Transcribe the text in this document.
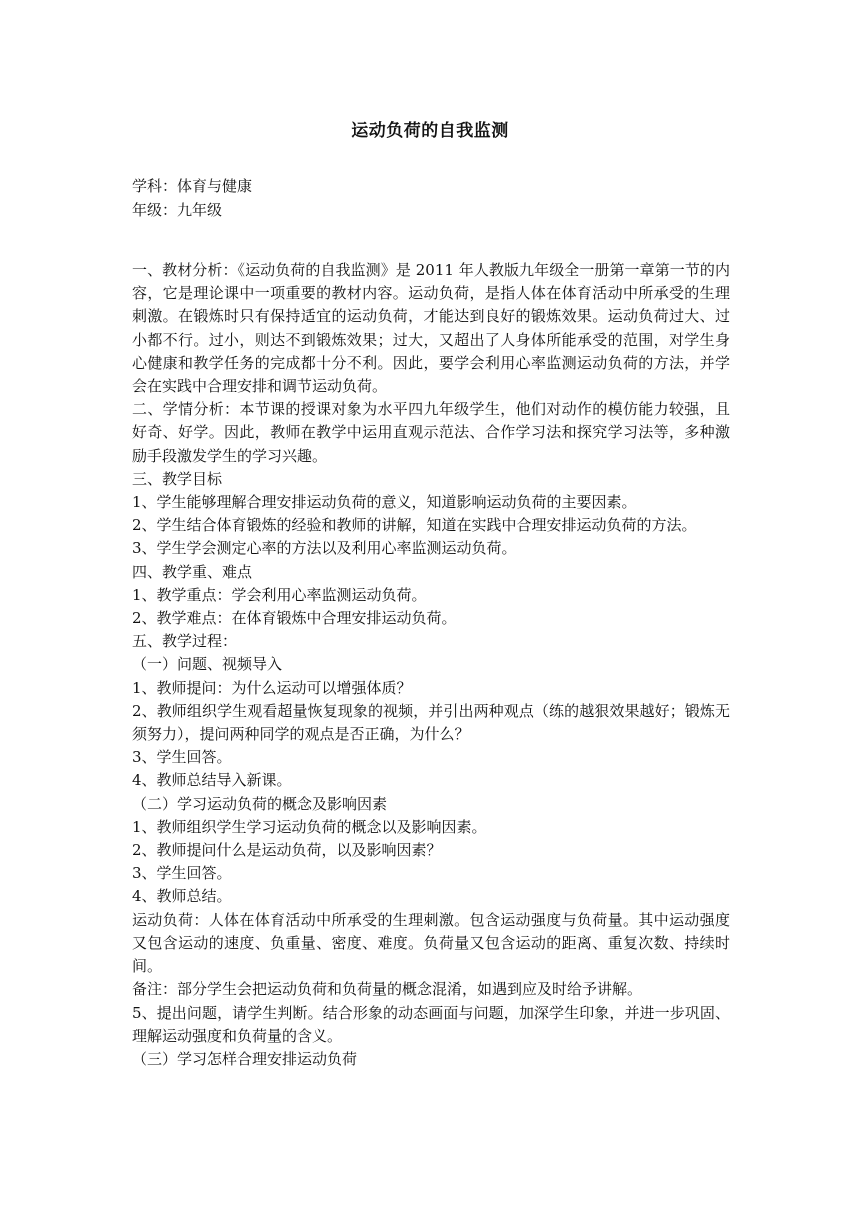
运动负荷的自我监测

学科：体育与健康

年级：九年级

一、教材分析：《运动负荷的自我监测》是 2011 年人教版九年级全一册第一章第一节的内容，它是理论课中一项重要的教材内容。运动负荷，是指人体在体育活动中所承受的生理刺激。在锻炼时只有保持适宜的运动负荷，才能达到良好的锻炼效果。运动负荷过大、过小都不行。过小，则达不到锻炼效果；过大，又超出了人身体所能承受的范围，对学生身心健康和教学任务的完成都十分不利。因此，要学会利用心率监测运动负荷的方法，并学会在实践中合理安排和调节运动负荷。

二、学情分析：本节课的授课对象为水平四九年级学生，他们对动作的模仿能力较强，且好奇、好学。因此，教师在教学中运用直观示范法、合作学习法和探究学习法等，多种激励手段激发学生的学习兴趣。

三、教学目标

1、学生能够理解合理安排运动负荷的意义，知道影响运动负荷的主要因素。

2、学生结合体育锻炼的经验和教师的讲解，知道在实践中合理安排运动负荷的方法。

3、学生学会测定心率的方法以及利用心率监测运动负荷。

四、教学重、难点

1、教学重点：学会利用心率监测运动负荷。

2、教学难点：在体育锻炼中合理安排运动负荷。

五、教学过程：

（一）问题、视频导入

1、教师提问：为什么运动可以增强体质？

2、教师组织学生观看超量恢复现象的视频，并引出两种观点（练的越狠效果越好；锻炼无须努力），提问两种同学的观点是否正确，为什么？

3、学生回答。

4、教师总结导入新课。

（二）学习运动负荷的概念及影响因素

1、教师组织学生学习运动负荷的概念以及影响因素。

2、教师提问什么是运动负荷，以及影响因素？

3、学生回答。

4、教师总结。

运动负荷：人体在体育活动中所承受的生理刺激。包含运动强度与负荷量。其中运动强度又包含运动的速度、负重量、密度、难度。负荷量又包含运动的距离、重复次数、持续时间。

备注：部分学生会把运动负荷和负荷量的概念混淆，如遇到应及时给予讲解。

5、提出问题，请学生判断。结合形象的动态画面与问题，加深学生印象，并进一步巩固、理解运动强度和负荷量的含义。

（三）学习怎样合理安排运动负荷
